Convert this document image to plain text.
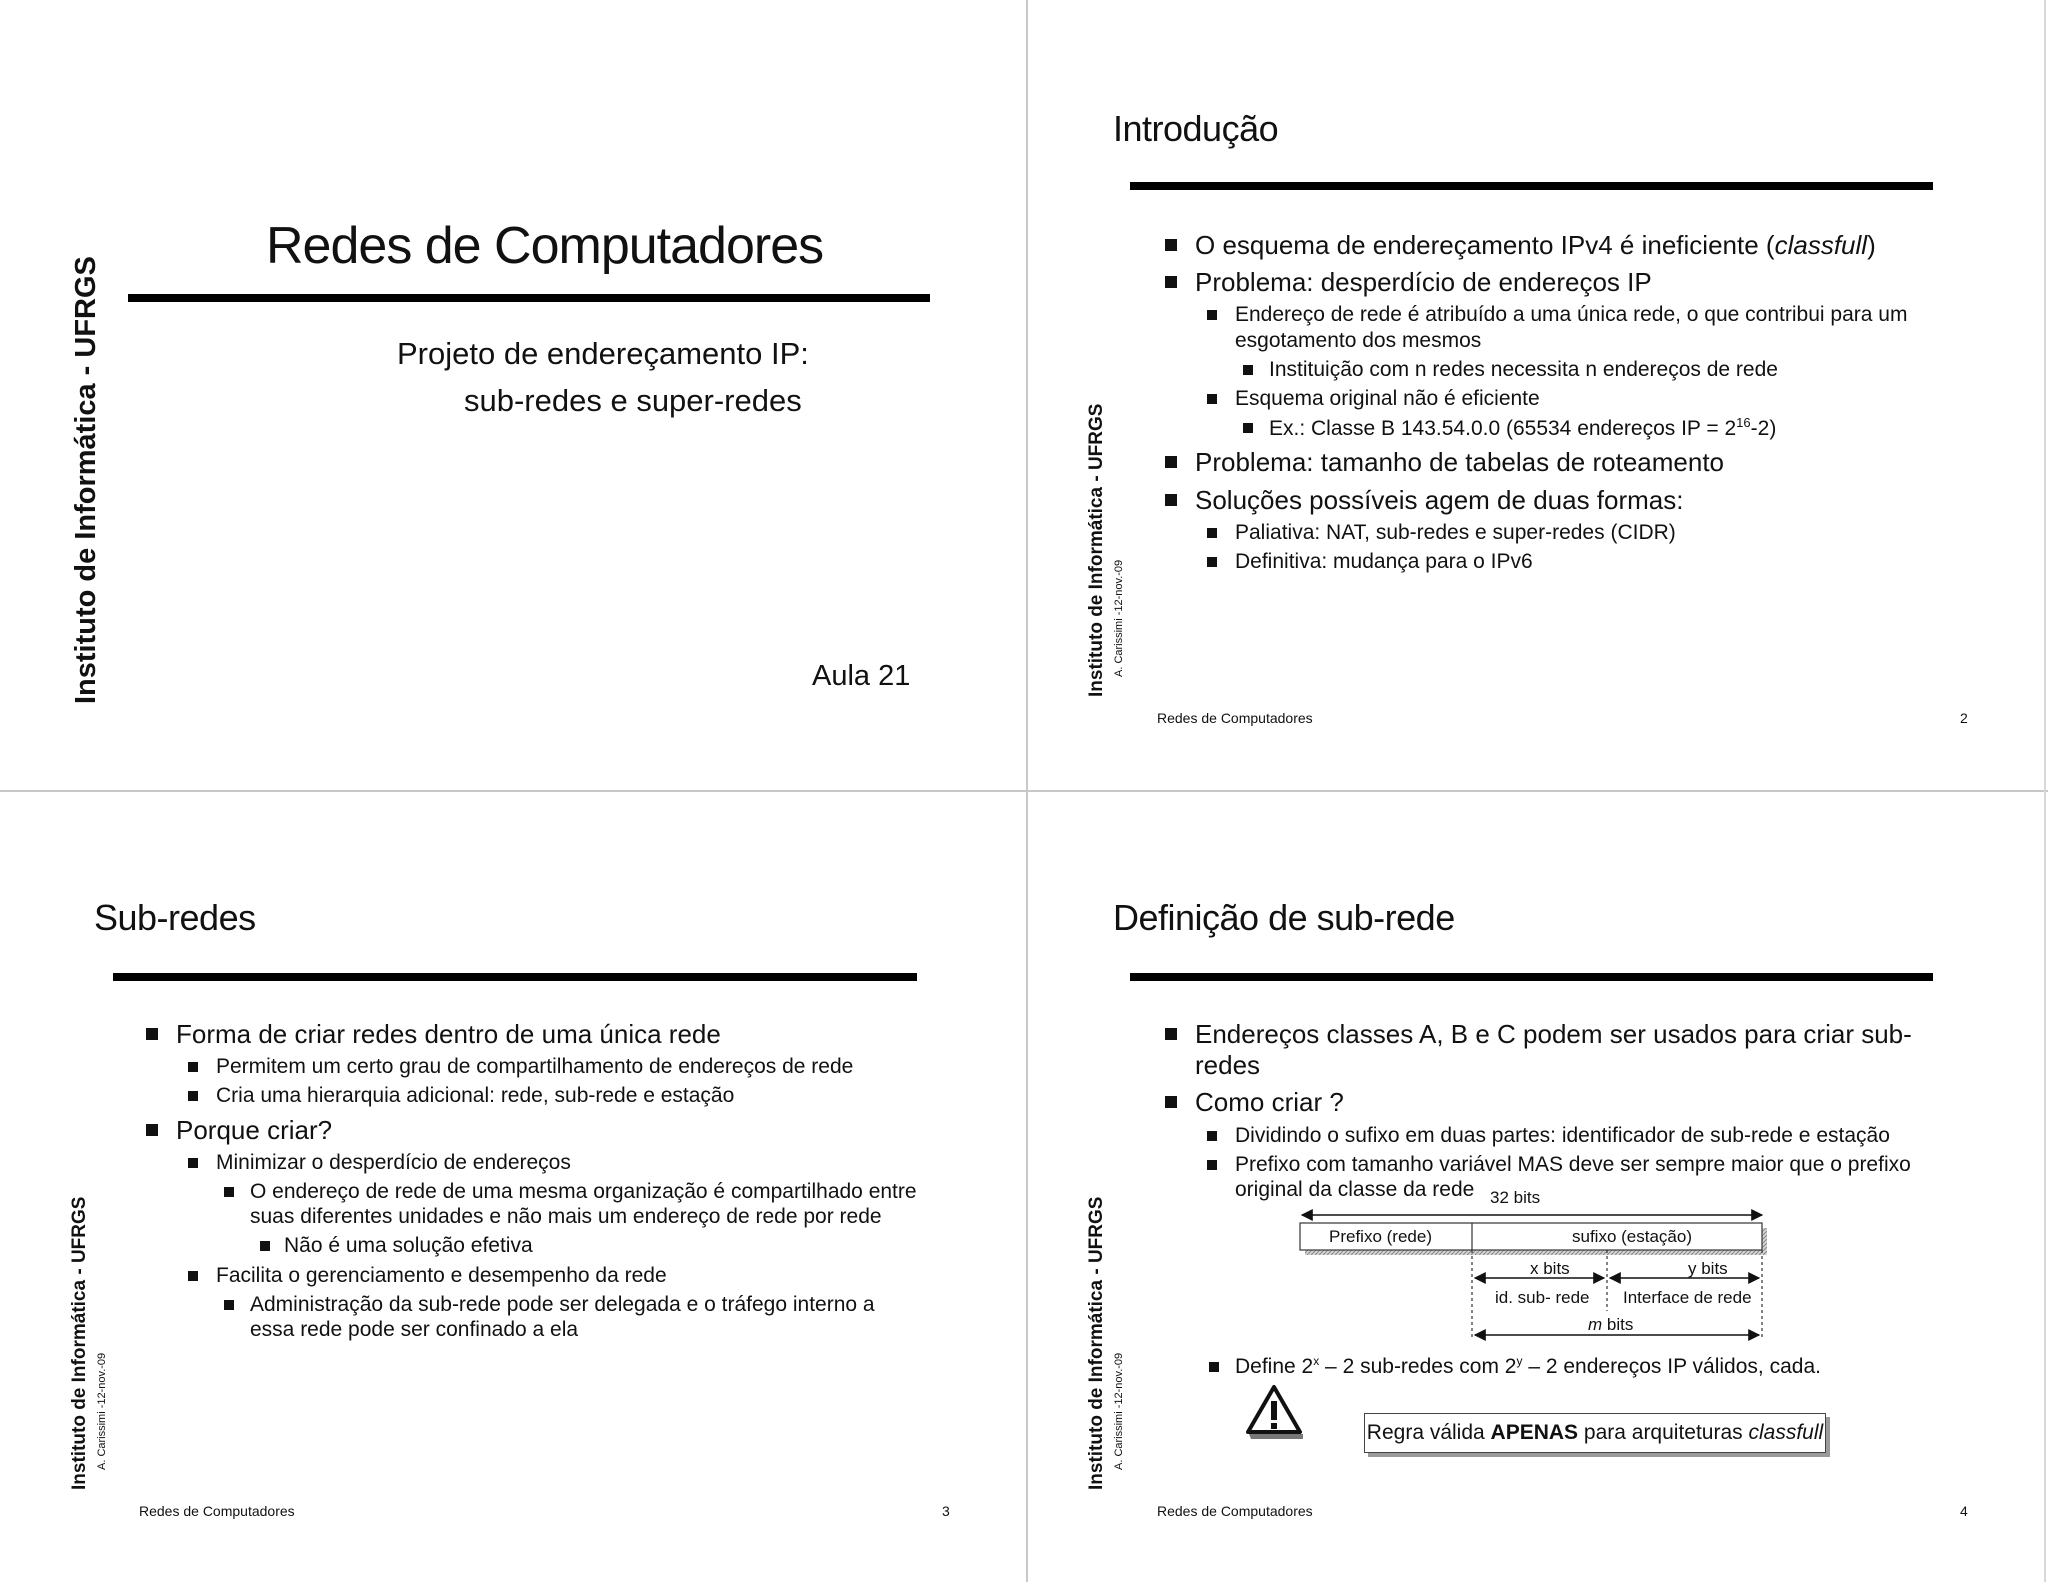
Instituto de Informática - UFRGS
Redes de Computadores
Projeto de endereçamento IP:
sub-redes e super-redes
Aula 21	Instituto de Informática - UFRGS A. Carissimi -12-nov.-09
Introdução
O esquema de endereçamento IPv4 é ineficiente (classfull)
Problema: desperdício de endereços IP
Endereço de rede é atribuído a uma única rede, o que contribui para um esgotamento dos mesmos
Instituição com n redes necessita n endereços de rede
Esquema original não é eficiente
Ex.: Classe B 143.54.0.0 (65534 endereços IP = $2^{16}-2$)
Problema: tamanho de tabelas de roteamento
Soluções possíveis agem de duas formas:
Paliativa: NAT, sub-redes e super-redes (CIDR)
Definitiva: mudança para o IPv6
Redes de Computadores	2
Instituto de Informática - UFRGS A. Carissimi -12-nov.-09
Sub-redes
Forma de criar redes dentro de uma única rede
Permitem um certo grau de compartilhamento de endereços de rede
Cria uma hierarquia adicional: rede, sub-rede e estação
Porque criar?
Minimizar o desperdício de endereços
O endereço de rede de uma mesma organização é compartilhado entre suas diferentes unidades e não mais um endereço de rede por rede
Não é uma solução efetiva
Facilita o gerenciamento e desempenho da rede
Administração da sub-rede pode ser delegada e o tráfego interno a essa rede pode ser confinado a ela
Redes de Computadores	3
Instituto de Informática - UFRGS A. Carissimi -12-nov.-09
Definição de sub-rede
Endereços classes A, B e C podem ser usados para criar sub-redes
Como criar ?
Dividindo o sufixo em duas partes: identificador de sub-rede e estação
Prefixo com tamanho variável MAS deve ser sempre maior que o prefixo original da classe da rede 32 bits
Prefixo (rede)	sufixo (estação)
x bits	y bits
id. sub- rede Interface de rede
m bits
Define 2$^x$ – 2 sub-redes com 2$^y$ – 2 endereços IP válidos, cada.
Regra válida APENAS para arquiteturas classfull
Redes de Computadores	4
